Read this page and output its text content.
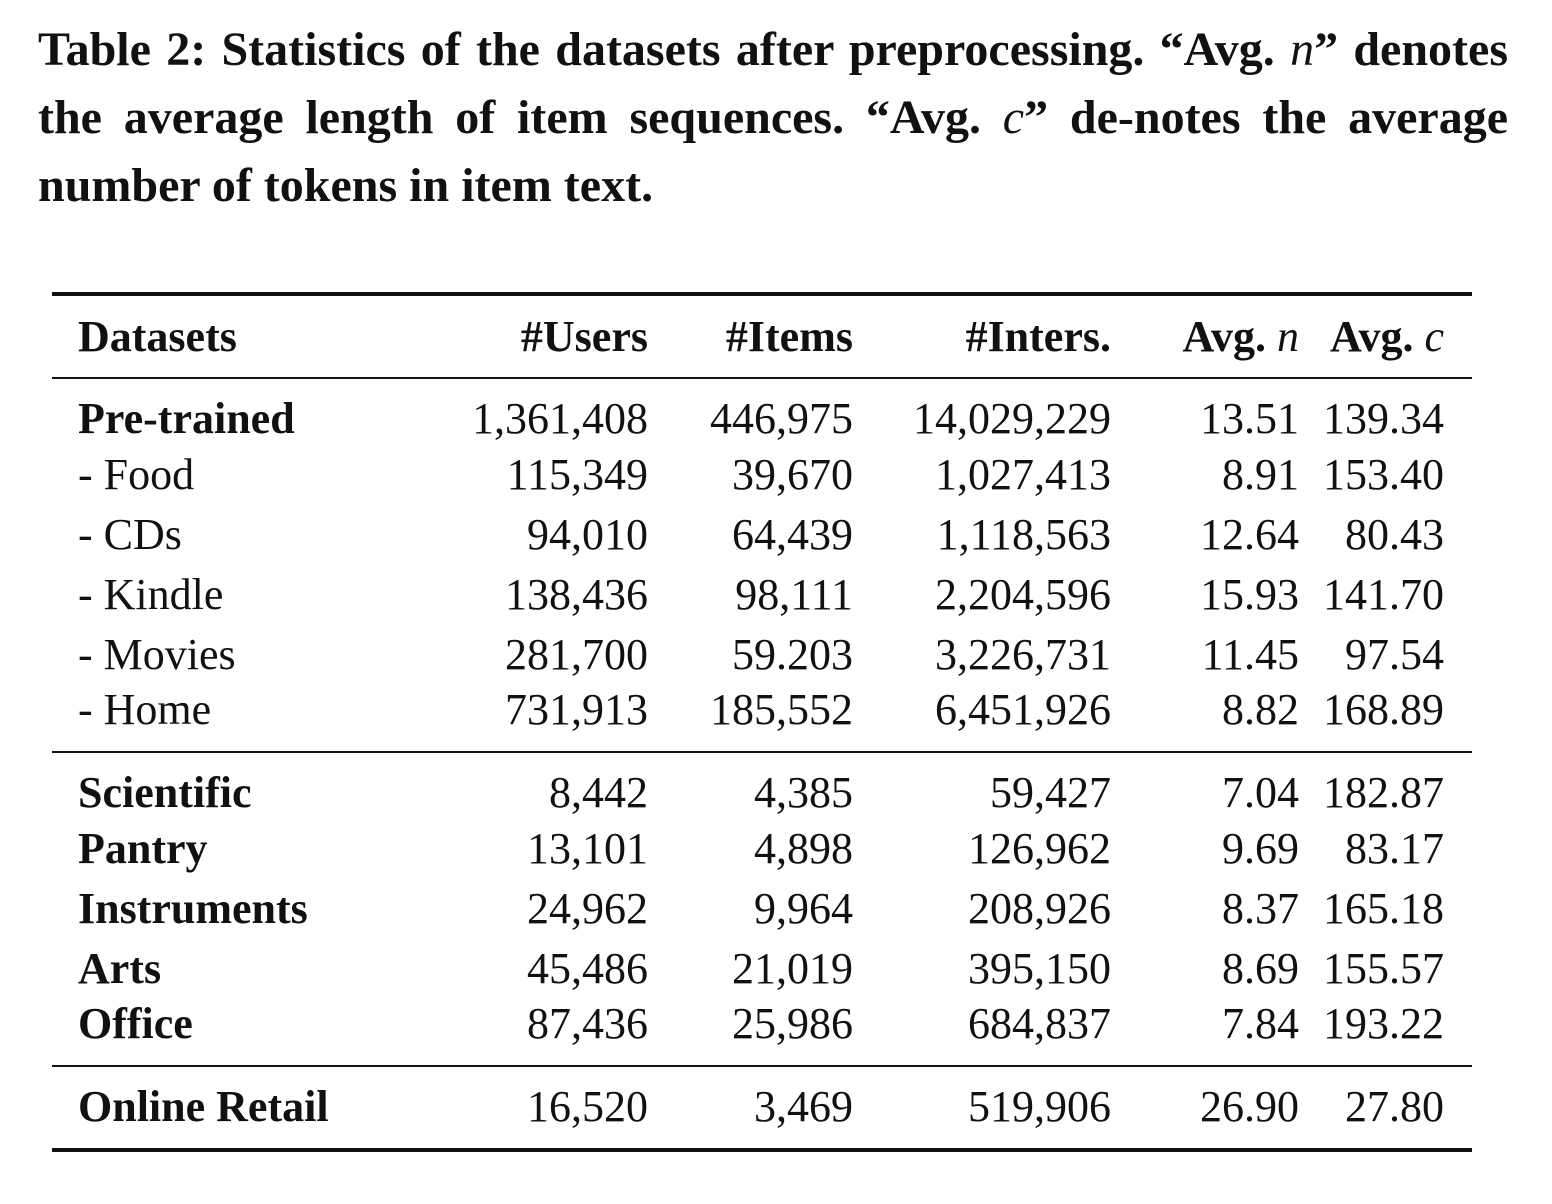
Table 2: Statistics of the datasets after preprocessing. “Avg. n” denotes the average length of item sequences. “Avg. c” de-notes the average number of tokens in item text.

Datasets	#Users	#Items	#Inters.	Avg. n	Avg. c
Pre-trained	1,361,408	446,975	14,029,229	13.51	139.34
- Food	115,349	39,670	1,027,413	8.91	153.40
- CDs	94,010	64,439	1,118,563	12.64	80.43
- Kindle	138,436	98,111	2,204,596	15.93	141.70
- Movies	281,700	59.203	3,226,731	11.45	97.54
- Home	731,913	185,552	6,451,926	8.82	168.89
Scientific	8,442	4,385	59,427	7.04	182.87
Pantry	13,101	4,898	126,962	9.69	83.17
Instruments	24,962	9,964	208,926	8.37	165.18
Arts	45,486	21,019	395,150	8.69	155.57
Office	87,436	25,986	684,837	7.84	193.22
Online Retail	16,520	3,469	519,906	26.90	27.80
